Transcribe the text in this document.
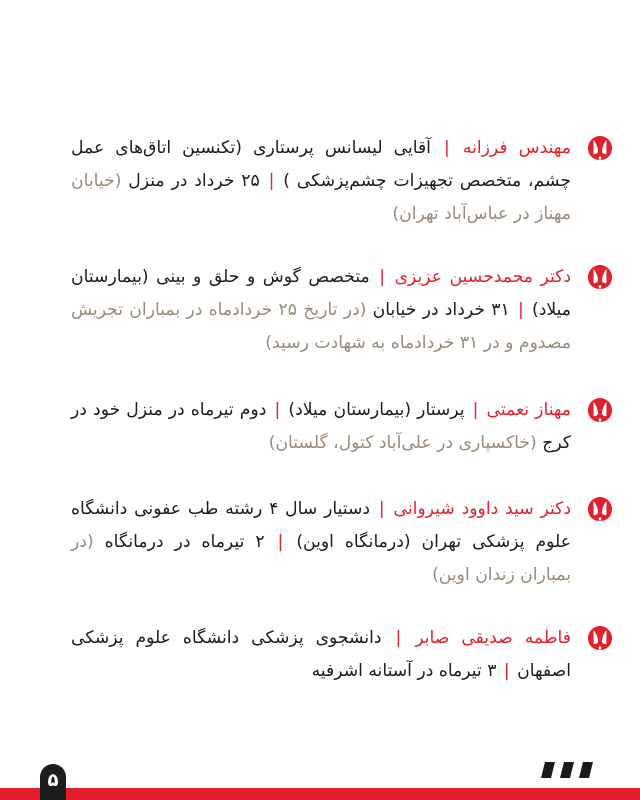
مهندس فرزانه | آقایی لیسانس پرستاری (تکنسین اتاق‌های عمل چشم، متخصص تجهیزات چشم‌پزشکی ) | ۲۵ خرداد در منزل (خیابان مهناز در عباس‌آباد تهران)
دکتر محمدحسین عزیزی | متخصص گوش و حلق و بینی (بیمارستان میلاد) | ۳۱ خرداد در خیابان (در تاریخ ۲۵ خردادماه در بمباران تجریش مصدوم و در ۳۱ خردادماه به شهادت رسید)
مهناز نعمتی | پرستار (بیمارستان میلاد) | دوم تیرماه در منزل خود در کرج (خاکسپاری در علی‌آباد کتول، گلستان)
دکتر سید داوود شیروانی | دستیار سال ۴ رشته طب عفونی دانشگاه علوم پزشکی تهران (درمانگاه اوین) | ۲ تیرماه در درمانگاه (در بمباران زندان اوین)
فاطمه صدیقی صابر | دانشجوی پزشکی دانشگاه علوم پزشکی اصفهان | ۳ تیرماه در آستانه اشرفیه
۵
